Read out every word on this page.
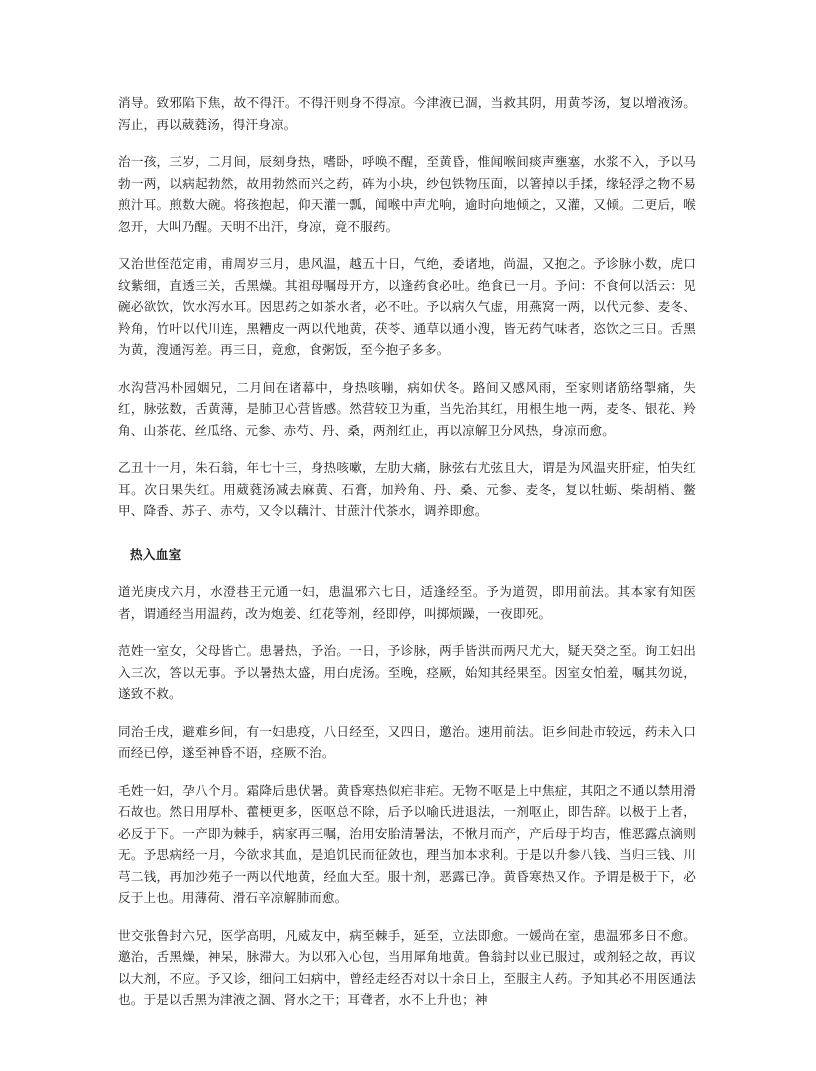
消导。致邪陷下焦，故不得汗。不得汗则身不得凉。今津液已涸，当救其阴，用黄芩汤，复以增液汤。泻止，再以葳蕤汤，得汗身凉。

治一孩，三岁，二月间，辰刻身热，嗜卧，呼唤不醒，至黄昏，惟闻喉间痰声壅塞，水浆不入，予以马勃一两，以病起勃然，故用勃然而兴之药，砗为小块，纱包铁物压面，以箸掉以手揉，缘轻浮之物不易煎汁耳。煎数大碗。将孩抱起，仰天灌一瓢，闻喉中声尤响，逾时向地倾之，又灌，又倾。二更后，喉忽开，大叫乃醒。天明不出汗，身凉，竟不服药。

又治世侄范定甫，甫周岁三月，患风温，越五十日，气绝，委诸地，尚温，又抱之。予诊脉小数，虎口纹紫细，直透三关，舌黑燥。其祖母嘱母开方，以逢药食必吐。绝食已一月。予问：不食何以活云：见碗必欲饮，饮水泻水耳。因思药之如茶水者，必不吐。予以病久气虚，用燕窝一两，以代元参、麦冬、羚角，竹叶以代川连，黑糟皮一两以代地黄，茯苓、通草以通小溲，皆无药气味者，恣饮之三日。舌黑为黄，溲通泻差。再三日，竟愈，食粥饭，至今抱子多多。

水沟营冯朴园姻兄，二月间在诸幕中，身热咳嘣，病如伏冬。路间又感风雨，至家则诸筋络掣痛，失红，脉弦数，舌黄薄，是肺卫心营皆感。然营较卫为重，当先治其红，用根生地一两，麦冬、银花、羚角、山茶花、丝瓜络、元参、赤芍、丹、桑，两剂红止，再以凉解卫分风热，身凉而愈。

乙丑十一月，朱石翁，年七十三，身热咳嗽，左肋大痛，脉弦右尤弦且大，谓是为风温夹肝症，怕失红耳。次日果失红。用葳蕤汤减去麻黄、石膏，加羚角、丹、桑、元参、麦冬，复以牡蛎、柴胡梢、鳖甲、降香、苏子、赤芍，又令以藕汁、甘蔗汁代茶水，调养即愈。

热入血室

道光庚戌六月，水澄巷王元通一妇，患温邪六七日，适逢经至。予为道贺，即用前法。其本家有知医者，谓通经当用温药，改为炮姜、红花等剂，经即停，叫掷烦躁，一夜即死。

范姓一室女，父母皆亡。患暑热，予治。一日，予诊脉，两手皆洪而两尺尤大，疑天癸之至。询工妇出入三次，答以无事。予以暑热太盛，用白虎汤。至晚，痉厥，始知其经果至。因室女怕羞，嘱其勿说，遂致不救。

同治壬戌，避难乡间，有一妇患疫，八日经至，又四日，邀治。速用前法。讵乡间赴市较远，药未入口而经已停，遂至神昏不语，痉厥不治。

毛姓一妇，孕八个月。霜降后患伏暑。黄昏寒热似疟非疟。无物不呕是上中焦症，其阳之不通以禁用滑石故也。然日用厚朴、藿梗更多，医呕总不除，后予以喻氏进退法，一剂呕止，即告辞。以极于上者，必反于下。一产即为棘手，病家再三嘱，治用安胎清暑法，不愀月而产，产后母于均吉，惟恶露点滴则无。予思病经一月，今欲求其血，是追饥民而征敛也，理当加本求利。于是以升参八钱、当归三钱、川芎二钱，再加沙苑子一两以代地黄，经血大至。服十剂，恶露已净。黄昏寒热又作。予谓是极于下，必反于上也。用薄荷、滑石辛凉解肺而愈。

世交张鲁封六兄，医学高明，凡威友中，病至棘手，延至，立法即愈。一媛尚在室，患温邪多日不愈。邀治，舌黑燥，神呆，脉滞大。为以邪入心包，当用犀角地黄。鲁翁封以业已服过，或剂轻之故，再议以大剂，不应。予又诊，细问工妇病中，曾经走经否对以十余日上，至服主人药。予知其必不用医通法也。于是以舌黑为津液之涸、肾水之干；耳聋者，水不上升也；神
